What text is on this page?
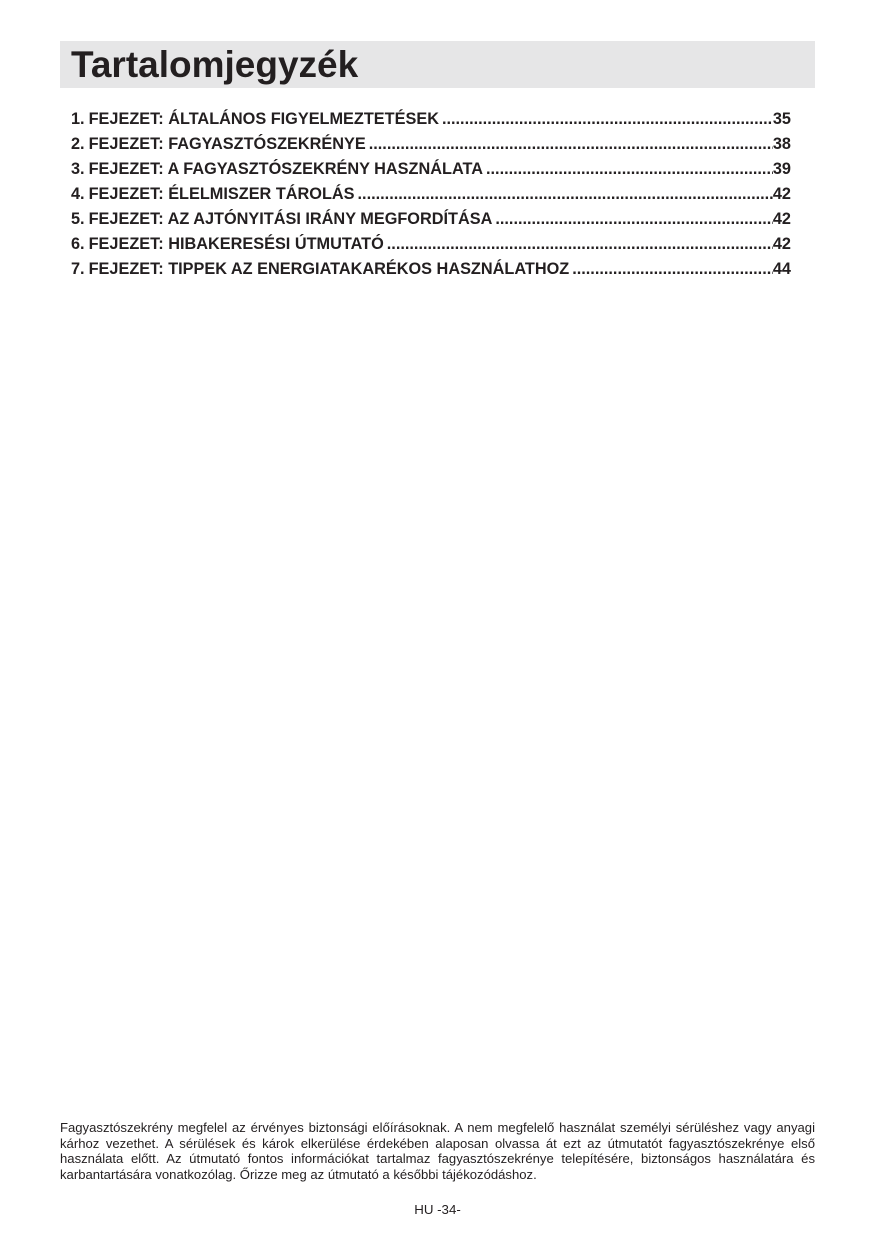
Tartalomjegyzék
1. FEJEZET: ÁLTALÁNOS FIGYELMEZTETÉSEK .....	35
2. FEJEZET: FAGYASZTÓSZEKRÉNYE .....	38
3. FEJEZET: A FAGYASZTÓSZEKRÉNY HASZNÁLATA .....	39
4. FEJEZET: ÉLELMISZER TÁROLÁS .....	42
5. FEJEZET: AZ AJTÓNYITÁSI IRÁNY MEGFORDÍTÁSA .....	42
6. FEJEZET: HIBAKERESÉSI ÚTMUTATÓ .....	42
7. FEJEZET: TIPPEK AZ ENERGIATAKARÉKOS HASZNÁLATHOZ .....	44

Fagyasztószekrény megfelel az érvényes biztonsági előírásoknak. A nem megfelelő használat személyi sérüléshez vagy anyagi kárhoz vezethet. A sérülések és károk elkerülése érdekében alaposan olvassa át ezt az útmutatót fagyasztószekrénye első használata előtt. Az útmutató fontos információkat tartalmaz fagyasztószekrénye telepítésére, biztonságos használatára és karbantartására vonatkozólag. Őrizze meg az útmutató a későbbi tájékozódáshoz.

HU -34-
